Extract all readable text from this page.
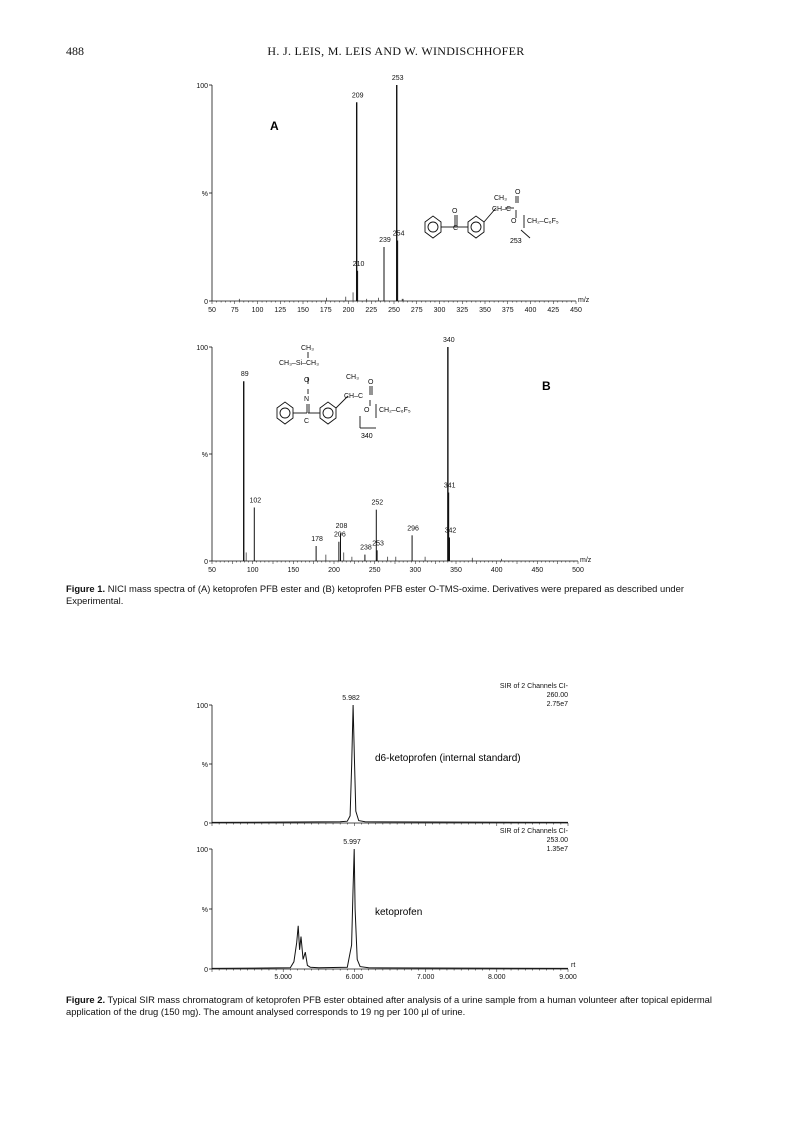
488	H. J. LEIS, M. LEIS AND W. WINDISCHHOFER
100
%
0
50 75 100 125 150 175 200 225 250 275 300 325 350 375 400 425 450
m/z
209
210
239
253
254
A
O
C
CH₃
CH–C
O
O CH₂–C₆F₅
253
100
%
0
50	100	150	200	250	300	350	400	450	500
m/z
89
102
178
206
208
238
252
253
296
340
341
342
B
CH₃
CH₃–Si–CH₃
O
N
C
CH₃
CH–C
O
O CH₂–C₆F₅
340
Figure 1. NICI mass spectra of (A) ketoprofen PFB ester and (B) ketoprofen PFB ester O-TMS-oxime. Derivatives were prepared as described under Experimental.
100
%
0
100
%
0
5.000	6.000	7.000	8.000	9.000
rt
SIR of 2 Channels CI-
260.00
2.75e7
5.982
SIR of 2 Channels CI-
253.00
1.35e7
5.997
d6-ketoprofen (internal standard)
ketoprofen
Figure 2. Typical SIR mass chromatogram of ketoprofen PFB ester obtained after analysis of a urine sample from a human volunteer after topical epidermal application of the drug (150 mg). The amount analysed corresponds to 19 ng per 100 µl of urine.
